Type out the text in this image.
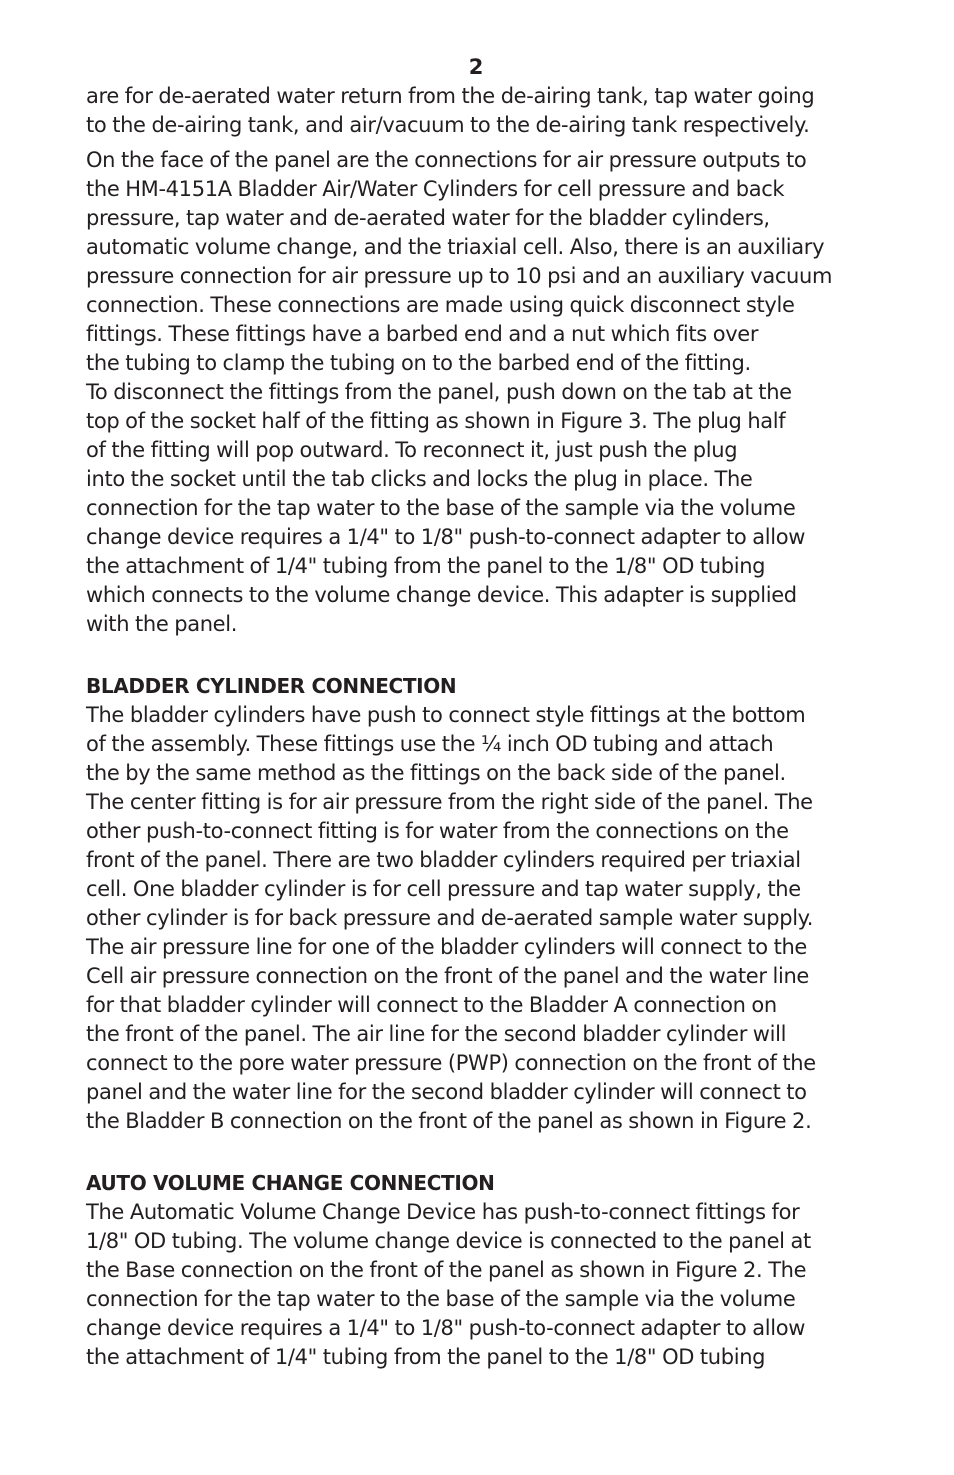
2

are for de-aerated water return from the de-airing tank, tap water going
to the de-airing tank, and air/vacuum to the de-airing tank respectively.

On the face of the panel are the connections for air pressure outputs to
the HM-4151A Bladder Air/Water Cylinders for cell pressure and back
pressure, tap water and de-aerated water for the bladder cylinders,
automatic volume change, and the triaxial cell. Also, there is an auxiliary
pressure connection for air pressure up to 10 psi and an auxiliary vacuum
connection. These connections are made using quick disconnect style
fittings. These fittings have a barbed end and a nut which fits over
the tubing to clamp the tubing on to the barbed end of the fitting.
To disconnect the fittings from the panel, push down on the tab at the
top of the socket half of the fitting as shown in Figure 3. The plug half
of the fitting will pop outward. To reconnect it, just push the plug
into the socket until the tab clicks and locks the plug in place. The
connection for the tap water to the base of the sample via the volume
change device requires a 1/4" to 1/8" push-to-connect adapter to allow
the attachment of 1/4" tubing from the panel to the 1/8" OD tubing
which connects to the volume change device. This adapter is supplied
with the panel.

BLADDER CYLINDER CONNECTION

The bladder cylinders have push to connect style fittings at the bottom
of the assembly. These fittings use the ¼ inch OD tubing and attach
the by the same method as the fittings on the back side of the panel.
The center fitting is for air pressure from the right side of the panel. The
other push-to-connect fitting is for water from the connections on the
front of the panel. There are two bladder cylinders required per triaxial
cell. One bladder cylinder is for cell pressure and tap water supply, the
other cylinder is for back pressure and de-aerated sample water supply.
The air pressure line for one of the bladder cylinders will connect to the
Cell air pressure connection on the front of the panel and the water line
for that bladder cylinder will connect to the Bladder A connection on
the front of the panel. The air line for the second bladder cylinder will
connect to the pore water pressure (PWP) connection on the front of the
panel and the water line for the second bladder cylinder will connect to
the Bladder B connection on the front of the panel as shown in Figure 2.

AUTO VOLUME CHANGE CONNECTION

The Automatic Volume Change Device has push-to-connect fittings for
1/8" OD tubing. The volume change device is connected to the panel at
the Base connection on the front of the panel as shown in Figure 2. The
connection for the tap water to the base of the sample via the volume
change device requires a 1/4" to 1/8" push-to-connect adapter to allow
the attachment of 1/4" tubing from the panel to the 1/8" OD tubing
